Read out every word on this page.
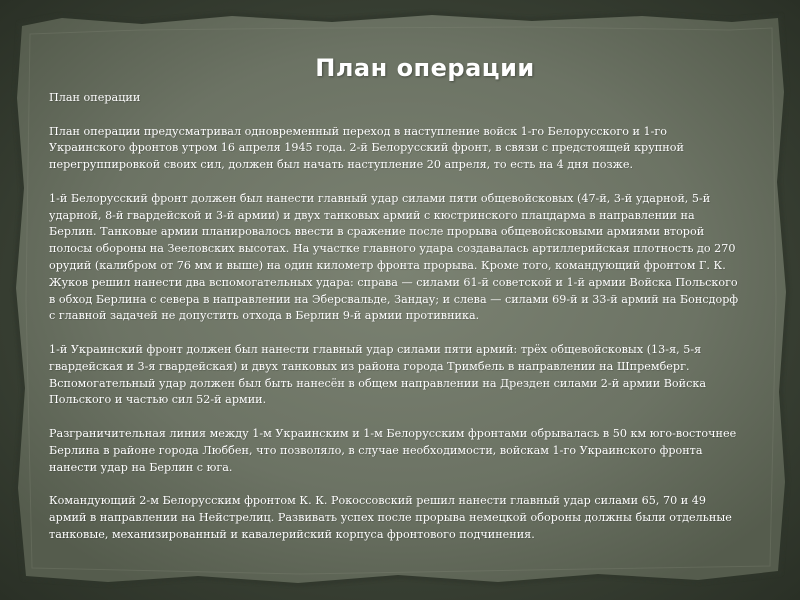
План операции

План операции

План операции предусматривал одновременный переход в наступление войск 1-го Белорусского и 1-го Украинского фронтов утром 16 апреля 1945 года. 2-й Белорусский фронт, в связи с предстоящей крупной перегруппировкой своих сил, должен был начать наступление 20 апреля, то есть на 4 дня позже.

1-й Белорусский фронт должен был нанести главный удар силами пяти общевойсковых (47-й, 3-й ударной, 5-й ударной, 8-й гвардейской и 3-й армии) и двух танковых армий с кюстринского плацдарма в направлении на Берлин. Танковые армии планировалось ввести в сражение после прорыва общевойсковыми армиями второй полосы обороны на Зееловских высотах. На участке главного удара создавалась артиллерийская плотность до 270 орудий (калибром от 76 мм и выше) на один километр фронта прорыва. Кроме того, командующий фронтом Г. К. Жуков решил нанести два вспомогательных удара: справа — силами 61-й советской и 1-й армии Войска Польского в обход Берлина с севера в направлении на Эберсвальде, Зандау; и слева — силами 69-й и 33-й армий на Бонсдорф с главной задачей не допустить отхода в Берлин 9-й армии противника.

1-й Украинский фронт должен был нанести главный удар силами пяти армий: трёх общевойсковых (13-я, 5-я гвардейская и 3-я гвардейская) и двух танковых из района города Тримбель в направлении на Шпремберг. Вспомогательный удар должен был быть нанесён в общем направлении на Дрезден силами 2-й армии Войска Польского и частью сил 52-й армии.

Разграничительная линия между 1-м Украинским и 1-м Белорусским фронтами обрывалась в 50 км юго-восточнее Берлина в районе города Люббен, что позволяло, в случае необходимости, войскам 1-го Украинского фронта нанести удар на Берлин с юга.

Командующий 2-м Белорусским фронтом К. К. Рокоссовский решил нанести главный удар силами 65, 70 и 49 армий в направлении на Нейстрелиц. Развивать успех после прорыва немецкой обороны должны были отдельные танковые, механизированный и кавалерийский корпуса фронтового подчинения.
